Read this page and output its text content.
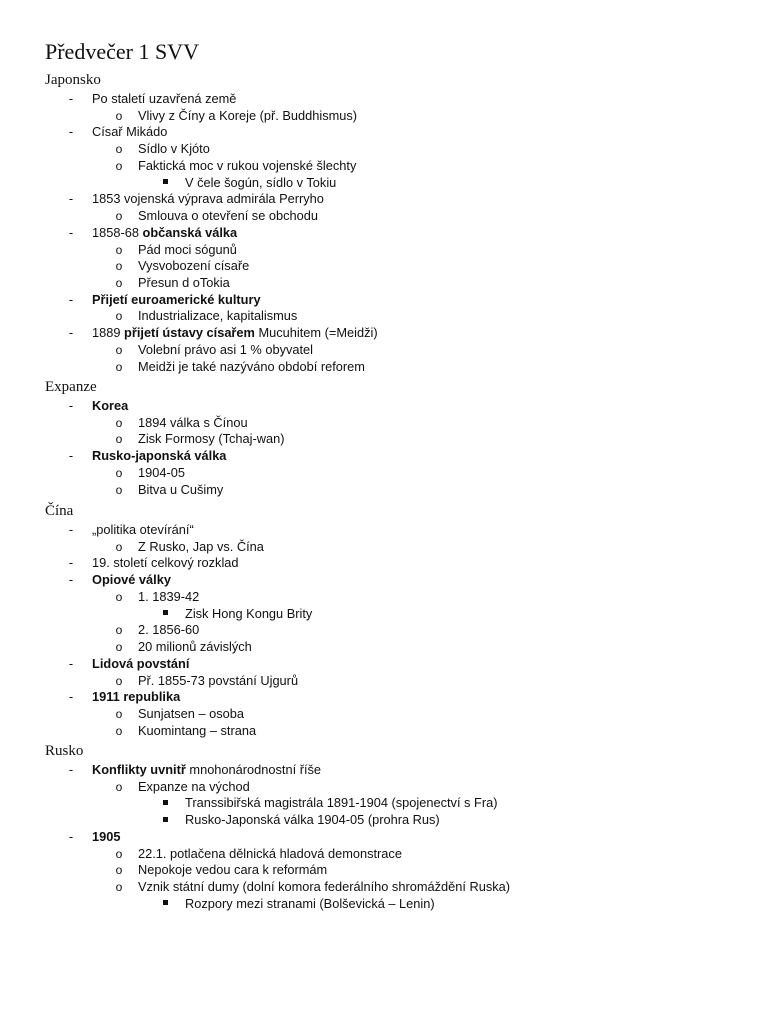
Předvečer 1 SVV
Japonsko
-	Po staletí uzavřená země
o Vlivy z Číny a Koreje (př. Buddhismus)
-	Císař Mikádo
o Sídlo v Kjóto
o Faktická moc v rukou vojenské šlechty
V čele šogún, sídlo v Tokiu
-	1853 vojenská výprava admirála Perryho
o Smlouva o otevření se obchodu
-	1858-68 občanská válka
o Pád moci sógunů
o Vysvobození císaře
o Přesun d oTokia
-	Přijetí euroamerické kultury
o Industrializace, kapitalismus
-	1889 přijetí ústavy císařem Mucuhitem (=Meidži)
o Volební právo asi 1 % obyvatel
o Meidži je také nazýváno období reforem
Expanze
-	Korea
o 1894 válka s Čínou
o Zisk Formosy (Tchaj-wan)
-	Rusko-japonská válka
o 1904-05
o Bitva u Cušimy
Čína
-	„politika otevírání“
o Z Rusko, Jap vs. Čína
-	19. století celkový rozklad
-	Opiové války
o 1. 1839-42
Zisk Hong Kongu Brity
o 2. 1856-60
o 20 milionů závislých
-	Lidová povstání
o Př. 1855-73 povstání Ujgurů
-	1911 republika
o Sunjatsen – osoba
o Kuomintang – strana
Rusko
-	Konflikty uvnitř mnohonárodnostní říše
o Expanze na východ
Transsibiřská magistrála 1891-1904 (spojenectví s Fra)
Rusko-Japonská válka 1904-05 (prohra Rus)
-	1905
o 22.1. potlačena dělnická hladová demonstrace
o Nepokoje vedou cara k reformám
o Vznik státní dumy (dolní komora federálního shromáždění Ruska)
Rozpory mezi stranami (Bolševická – Lenin)
